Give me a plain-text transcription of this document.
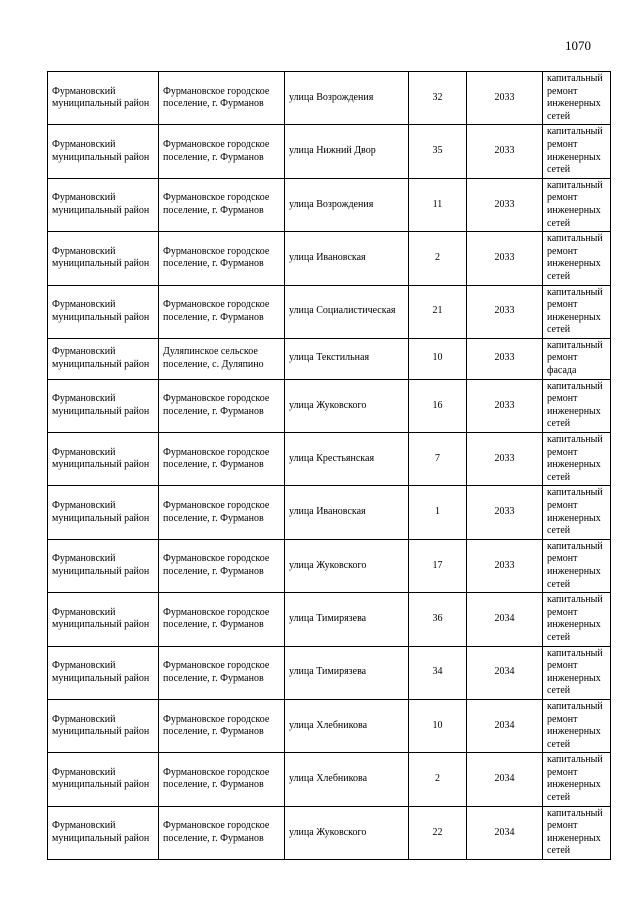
1070
Фурмановский муниципальный район	Фурмановское городское поселение, г. Фурманов	улица Возрождения	32	2033	капитальный ремонт инженерных сетей
Фурмановский муниципальный район	Фурмановское городское поселение, г. Фурманов	улица Нижний Двор	35	2033	капитальный ремонт инженерных сетей
Фурмановский муниципальный район	Фурмановское городское поселение, г. Фурманов	улица Возрождения	11	2033	капитальный ремонт инженерных сетей
Фурмановский муниципальный район	Фурмановское городское поселение, г. Фурманов	улица Ивановская	2	2033	капитальный ремонт инженерных сетей
Фурмановский муниципальный район	Фурмановское городское поселение, г. Фурманов	улица Социалистическая	21	2033	капитальный ремонт инженерных сетей
Фурмановский муниципальный район	Дуляпинское сельское поселение, с. Дуляпино	улица Текстильная	10	2033	капитальный ремонт фасада
Фурмановский муниципальный район	Фурмановское городское поселение, г. Фурманов	улица Жуковского	16	2033	капитальный ремонт инженерных сетей
Фурмановский муниципальный район	Фурмановское городское поселение, г. Фурманов	улица Крестьянская	7	2033	капитальный ремонт инженерных сетей
Фурмановский муниципальный район	Фурмановское городское поселение, г. Фурманов	улица Ивановская	1	2033	капитальный ремонт инженерных сетей
Фурмановский муниципальный район	Фурмановское городское поселение, г. Фурманов	улица Жуковского	17	2033	капитальный ремонт инженерных сетей
Фурмановский муниципальный район	Фурмановское городское поселение, г. Фурманов	улица Тимирязева	36	2034	капитальный ремонт инженерных сетей
Фурмановский муниципальный район	Фурмановское городское поселение, г. Фурманов	улица Тимирязева	34	2034	капитальный ремонт инженерных сетей
Фурмановский муниципальный район	Фурмановское городское поселение, г. Фурманов	улица Хлебникова	10	2034	капитальный ремонт инженерных сетей
Фурмановский муниципальный район	Фурмановское городское поселение, г. Фурманов	улица Хлебникова	2	2034	капитальный ремонт инженерных сетей
Фурмановский муниципальный район	Фурмановское городское поселение, г. Фурманов	улица Жуковского	22	2034	капитальный ремонт инженерных сетей
